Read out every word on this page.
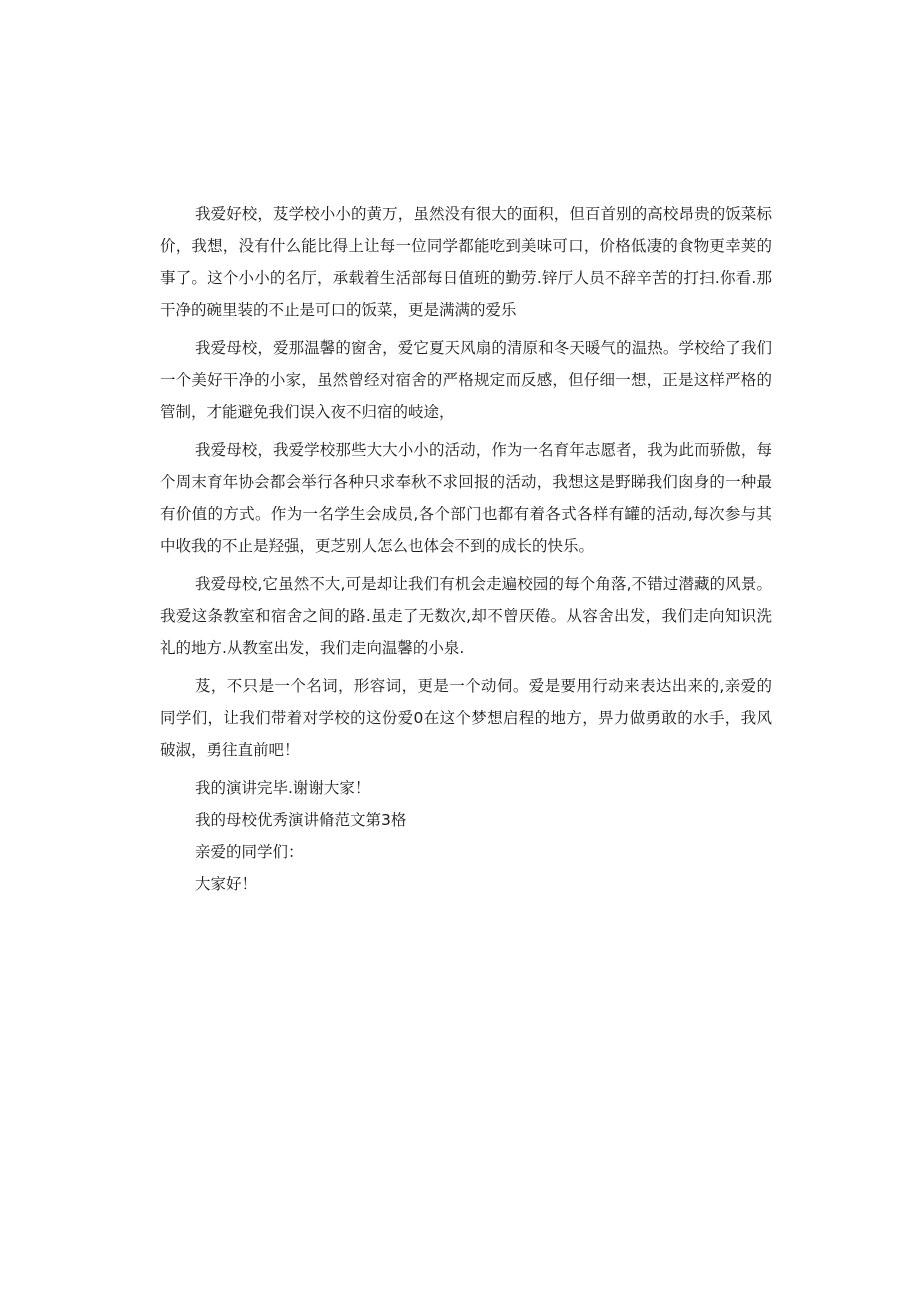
我爱好校，芨学校小小的黄万，虽然没有很大的面积，但百首别的高校昂贵的饭菜标价，我想，没有什么能比得上让每一位同学都能吃到美味可口，价格低凄的食物更幸荚的事了。这个小小的名厅，承载着生活部每日值班的勤劳.锌厅人员不辞辛苦的打扫.你看.那干净的碗里装的不止是可口的饭菜，更是满满的爱乐

我爱母校，爱那温馨的窗舍，爱它夏天风扇的清原和冬天暖气的温热。学校给了我们一个美好干净的小家，虽然曾经对宿舍的严格规定而反感，但仔细一想，正是这样严格的管制，才能避免我们误入夜不归宿的岐途，

我爱母校，我爱学校那些大大小小的活动，作为一名育年志愿者，我为此而骄傲，每个周末育年协会都会举行各种只求奉秋不求回报的活动，我想这是野睇我们囱身的一种最有价值的方式。作为一名学生会成员,各个部门也都有着各式各样有罐的活动,每次参与其中收我的不止是羟强，更芝别人怎么也体会不到的成长的快乐。

我爱母校,它虽然不大,可是却让我们有机会走遍校园的每个角落,不错过潜藏的风景。我爱这条教室和宿舍之间的路.虽走了无数次,却不曾厌倦。从容舍出发，我们走向知识洗礼的地方.从教室出发，我们走向温馨的小泉.

芨，不只是一个名词，形容词，更是一个动伺。爱是要用行动来表达出来的,亲爱的同学们，让我们带着对学校的这份爱0在这个梦想启程的地方，畀力做勇敢的水手，我风破淑，勇往直前吧！

我的演讲完毕.谢谢大家！

我的母校优秀演讲脩范文第3格

亲爱的同学们：

大家好！
